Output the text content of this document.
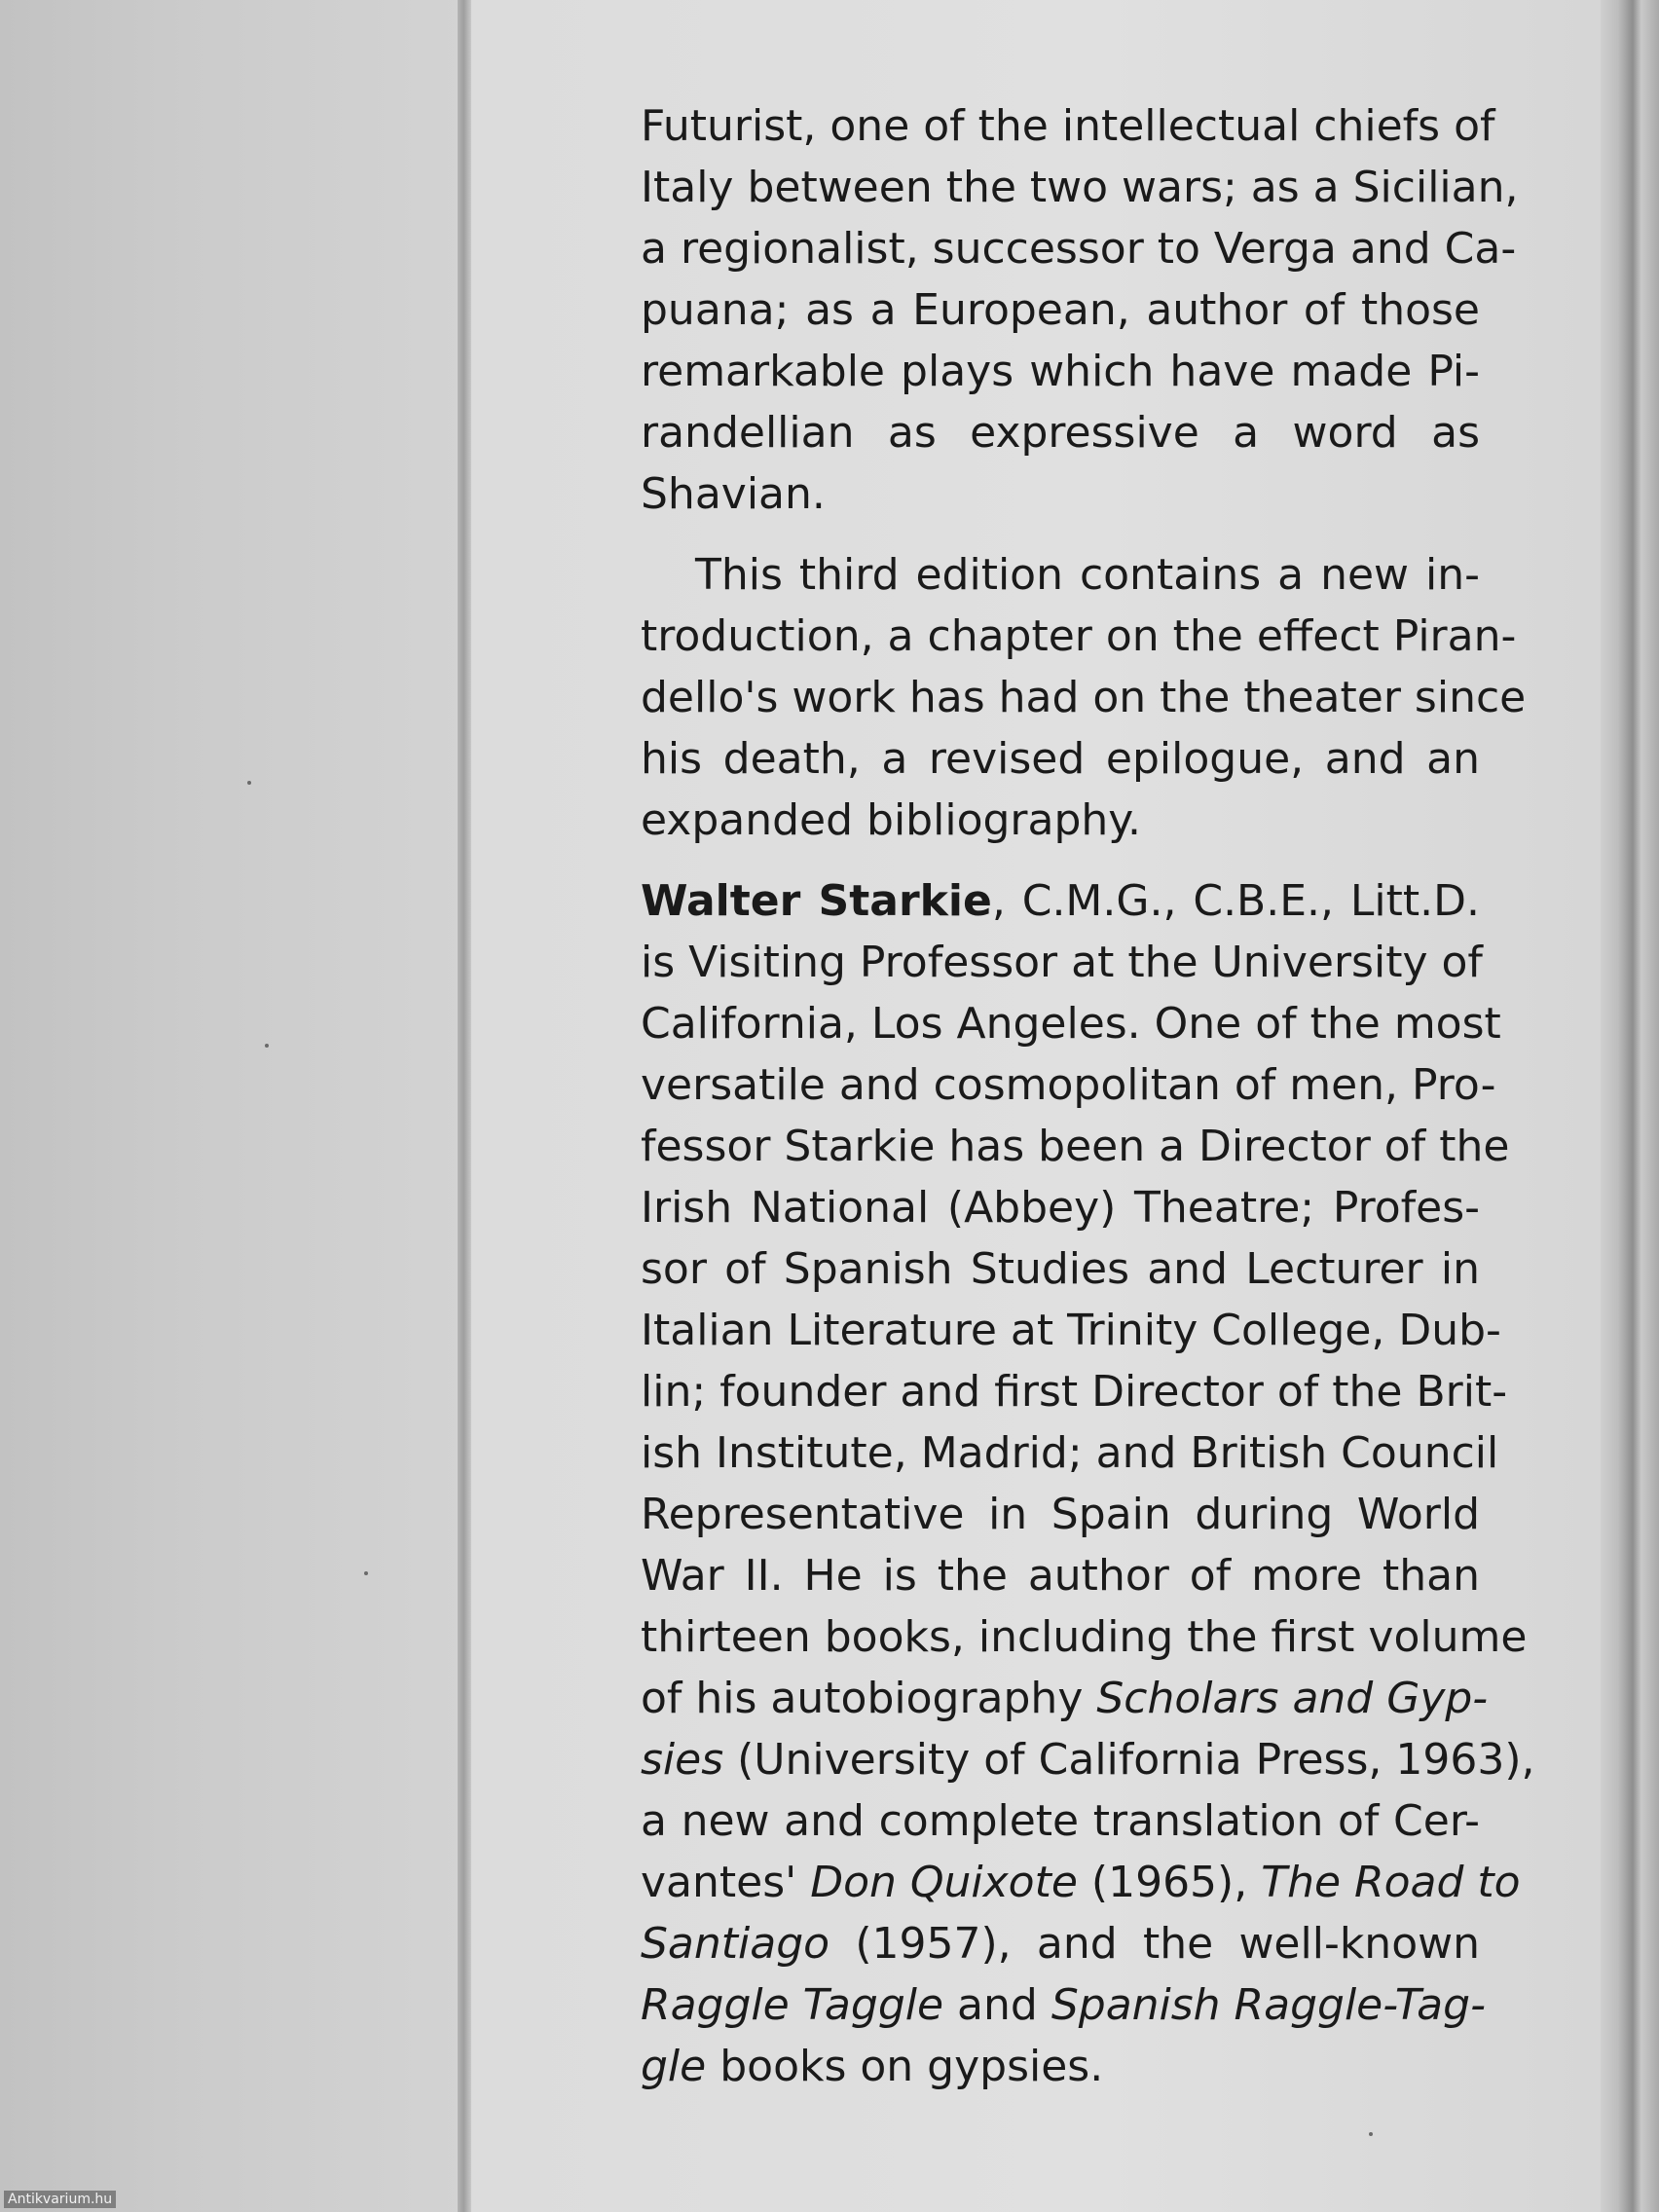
Futurist, one of the intellectual chiefs of
Italy between the two wars; as a Sicilian,
a regionalist, successor to Verga and Ca-
puana; as a European, author of those
remarkable plays which have made Pi-
randellian as expressive a word as
Shavian.
This third edition contains a new in-
troduction, a chapter on the effect Piran-
dello's work has had on the theater since
his death, a revised epilogue, and an
expanded bibliography.
Walter Starkie, C.M.G., C.B.E., Litt.D.
is Visiting Professor at the University of
California, Los Angeles. One of the most
versatile and cosmopolitan of men, Pro-
fessor Starkie has been a Director of the
Irish National (Abbey) Theatre; Profes-
sor of Spanish Studies and Lecturer in
Italian Literature at Trinity College, Dub-
lin; founder and first Director of the Brit-
ish Institute, Madrid; and British Council
Representative in Spain during World
War II. He is the author of more than
thirteen books, including the first volume
of his autobiography Scholars and Gyp-
sies (University of California Press, 1963),
a new and complete translation of Cer-
vantes' Don Quixote (1965), The Road to
Santiago (1957), and the well-known
Raggle Taggle and Spanish Raggle-Tag-
gle books on gypsies.
Antikvarium.hu
